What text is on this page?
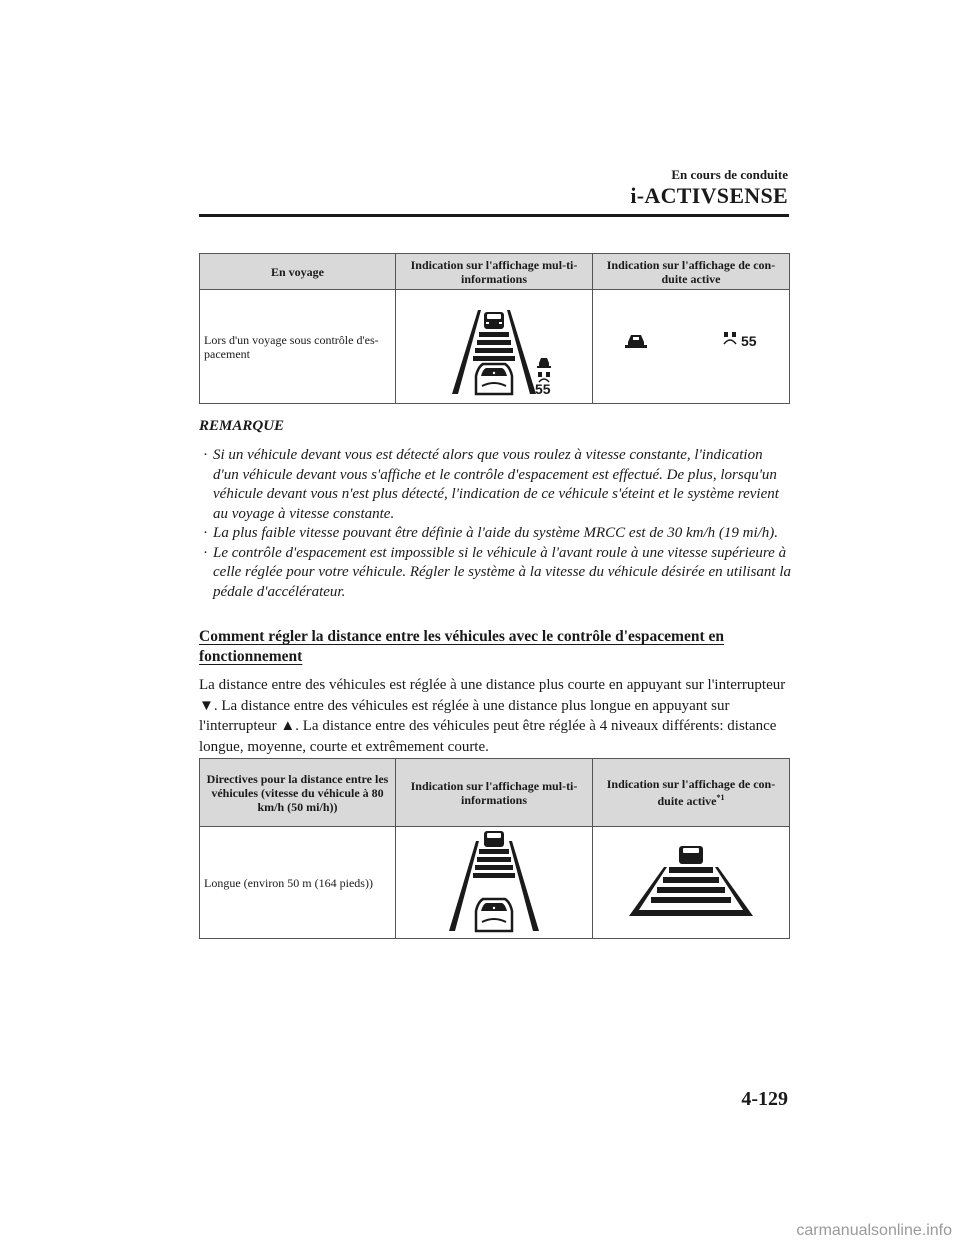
En cours de conduite
i-ACTIVSENSE
En voyage	Indication sur l'affichage mul-ti-informations	Indication sur l'affichage de con-duite active
Lors d'un voyage sous contrôle d'es-pacement	55	55
REMARQUE
· Si un véhicule devant vous est détecté alors que vous roulez à vitesse constante, l'indication d'un véhicule devant vous s'affiche et le contrôle d'espacement est effectué. De plus, lorsqu'un véhicule devant vous n'est plus détecté, l'indication de ce véhicule s'éteint et le système revient au voyage à vitesse constante.
· La plus faible vitesse pouvant être définie à l'aide du système MRCC est de 30 km/h (19 mi/h).
· Le contrôle d'espacement est impossible si le véhicule à l'avant roule à une vitesse supérieure à celle réglée pour votre véhicule. Régler le système à la vitesse du véhicule désirée en utilisant la pédale d'accélérateur.
Comment régler la distance entre les véhicules avec le contrôle d'espacement en fonctionnement
La distance entre des véhicules est réglée à une distance plus courte en appuyant sur l'interrupteur ▼. La distance entre des véhicules est réglée à une distance plus longue en appuyant sur l'interrupteur ▲. La distance entre des véhicules peut être réglée à 4 niveaux différents: distance longue, moyenne, courte et extrêmement courte.
Directives pour la distance entre les véhicules (vitesse du véhicule à 80 km/h (50 mi/h))	Indication sur l'affichage mul-ti-informations	Indication sur l'affichage de con-duite active$^{*1}$
Longue (environ 50 m (164 pieds))		
4-129
carmanualsonline.info
